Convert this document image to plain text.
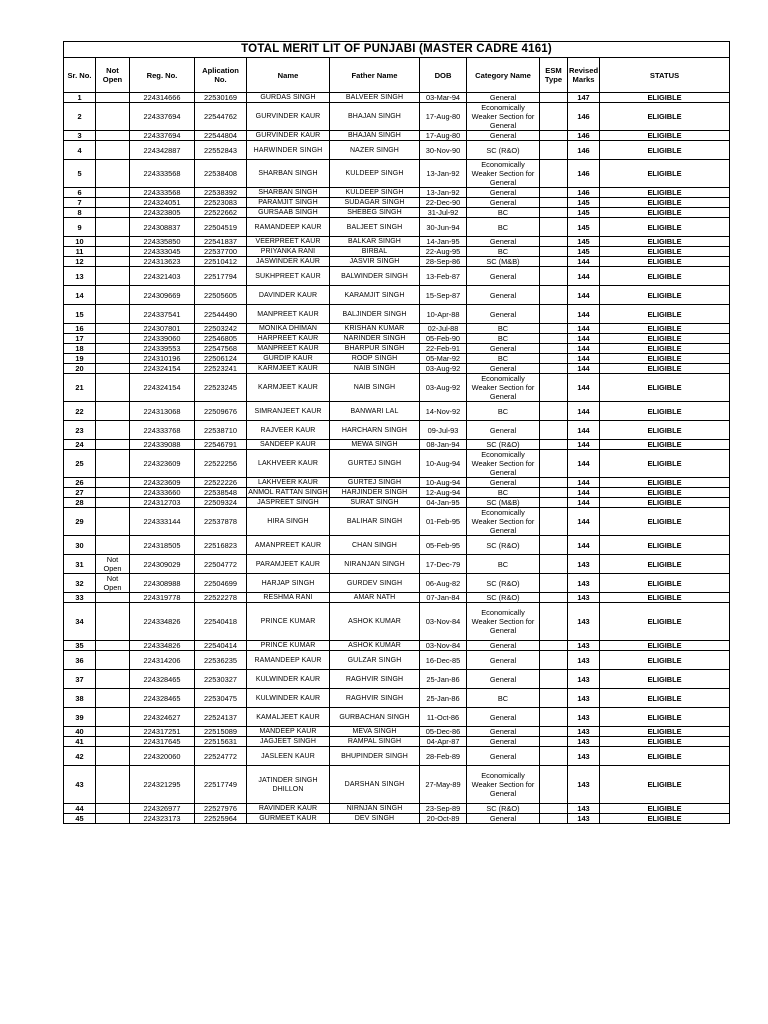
TOTAL MERIT LIT OF PUNJABI (MASTER CADRE 4161)										
Sr. No.	Not Open	Reg. No.	Aplication No.	Name	Father Name	DOB	Category Name	ESM Type	Revised Marks	STATUS
1		224314666	22530169	GURDAS SINGH	BALVEER SINGH	03-Mar-94	General		147	ELIGIBLE
2		224337694	22544762	GURVINDER KAUR	BHAJAN SINGH	17-Aug-80	Economically Weaker Section for General		146	ELIGIBLE
3		224337694	22544804	GURVINDER KAUR	BHAJAN SINGH	17-Aug-80	General		146	ELIGIBLE
4		224342887	22552843	HARWINDER SINGH	NAZER SINGH	30-Nov-90	SC (R&O)		146	ELIGIBLE
5		224333568	22538408	SHARBAN SINGH	KULDEEP SINGH	13-Jan-92	Economically Weaker Section for General		146	ELIGIBLE
6		224333568	22538392	SHARBAN SINGH	KULDEEP SINGH	13-Jan-92	General		146	ELIGIBLE
7		224324051	22523083	PARAMJIT SINGH	SUDAGAR SINGH	22-Dec-90	General		145	ELIGIBLE
8		224323805	22522662	GURSAAB SINGH	SHEBEG SINGH	31-Jul-92	BC		145	ELIGIBLE
9		224308837	22504519	RAMANDEEP KAUR	BALJEET SINGH	30-Jun-94	BC		145	ELIGIBLE
10		224335850	22541837	VEERPREET KAUR	BALKAR SINGH	14-Jan-95	General		145	ELIGIBLE
11		224333045	22537700	PRIYANKA RANI	BIRBAL	22-Aug-95	BC		145	ELIGIBLE
12		224313623	22510412	JASWINDER KAUR	JASVIR SINGH	28-Sep-86	SC (M&B)		144	ELIGIBLE
13		224321403	22517794	SUKHPREET KAUR	BALWINDER SINGH	13-Feb-87	General		144	ELIGIBLE
14		224309669	22505605	DAVINDER KAUR	KARAMJIT SINGH	15-Sep-87	General		144	ELIGIBLE
15		224337541	22544490	MANPREET KAUR	BALJINDER SINGH	10-Apr-88	General		144	ELIGIBLE
16		224307801	22503242	MONIKA DHIMAN	KRISHAN KUMAR	02-Jul-88	BC		144	ELIGIBLE
17		224339060	22546805	HARPREET KAUR	NARINDER SINGH	05-Feb-90	BC		144	ELIGIBLE
18		224339553	22547568	MANPREET KAUR	BHARPUR SINGH	22-Feb-91	General		144	ELIGIBLE
19		224310196	22506124	GURDIP KAUR	ROOP SINGH	05-Mar-92	BC		144	ELIGIBLE
20		224324154	22523241	KARMJEET KAUR	NAIB SINGH	03-Aug-92	General		144	ELIGIBLE
21		224324154	22523245	KARMJEET KAUR	NAIB SINGH	03-Aug-92	Economically Weaker Section for General		144	ELIGIBLE
22		224313068	22509676	SIMRANJEET KAUR	BANWARI LAL	14-Nov-92	BC		144	ELIGIBLE
23		224333768	22538710	RAJVEER KAUR	HARCHARN SINGH	09-Jul-93	General		144	ELIGIBLE
24		224339088	22546791	SANDEEP KAUR	MEWA SINGH	08-Jan-94	SC (R&O)		144	ELIGIBLE
25		224323609	22522256	LAKHVEER KAUR	GURTEJ SINGH	10-Aug-94	Economically Weaker Section for General		144	ELIGIBLE
26		224323609	22522226	LAKHVEER KAUR	GURTEJ SINGH	10-Aug-94	General		144	ELIGIBLE
27		224333660	22538548	ANMOL RATTAN SINGH	HARJINDER SINGH	12-Aug-94	BC		144	ELIGIBLE
28		224312703	22509324	JASPREET SINGH	SURAT SINGH	04-Jan-95	SC (M&B)		144	ELIGIBLE
29		224333144	22537878	HIRA SINGH	BALIHAR SINGH	01-Feb-95	Economically Weaker Section for General		144	ELIGIBLE
30		224318505	22516823	AMANPREET KAUR	CHAN SINGH	05-Feb-95	SC (R&O)		144	ELIGIBLE
31	Not Open	224309029	22504772	PARAMJEET KAUR	NIRANJAN SINGH	17-Dec-79	BC		143	ELIGIBLE
32	Not Open	224308988	22504699	HARJAP SINGH	GURDEV SINGH	06-Aug-82	SC (R&O)		143	ELIGIBLE
33		224319778	22522278	RESHMA RANI	AMAR NATH	07-Jan-84	SC (R&O)		143	ELIGIBLE
34		224334826	22540418	PRINCE KUMAR	ASHOK KUMAR	03-Nov-84	Economically Weaker Section for General		143	ELIGIBLE
35		224334826	22540414	PRINCE KUMAR	ASHOK KUMAR	03-Nov-84	General		143	ELIGIBLE
36		224314206	22536235	RAMANDEEP KAUR	GULZAR SINGH	16-Dec-85	General		143	ELIGIBLE
37		224328465	22530327	KULWINDER KAUR	RAGHVIR SINGH	25-Jan-86	General		143	ELIGIBLE
38		224328465	22530475	KULWINDER KAUR	RAGHVIR SINGH	25-Jan-86	BC		143	ELIGIBLE
39		224324627	22524137	KAMALJEET KAUR	GURBACHAN SINGH	11-Oct-86	General		143	ELIGIBLE
40		224317251	22515089	MANDEEP KAUR	MEVA SINGH	05-Dec-86	General		143	ELIGIBLE
41		224317645	22515631	JAGJEET SINGH	RAMPAL SINGH	04-Apr-87	General		143	ELIGIBLE
42		224320060	22524772	JASLEEN KAUR	BHUPINDER SINGH	28-Feb-89	General		143	ELIGIBLE
43		224321295	22517749	JATINDER SINGH DHILLON	DARSHAN SINGH	27-May-89	Economically Weaker Section for General		143	ELIGIBLE
44		224326977	22527976	RAVINDER KAUR	NIRNJAN SINGH	23-Sep-89	SC (R&O)		143	ELIGIBLE
45		224323173	22525964	GURMEET KAUR	DEV SINGH	20-Oct-89	General		143	ELIGIBLE
